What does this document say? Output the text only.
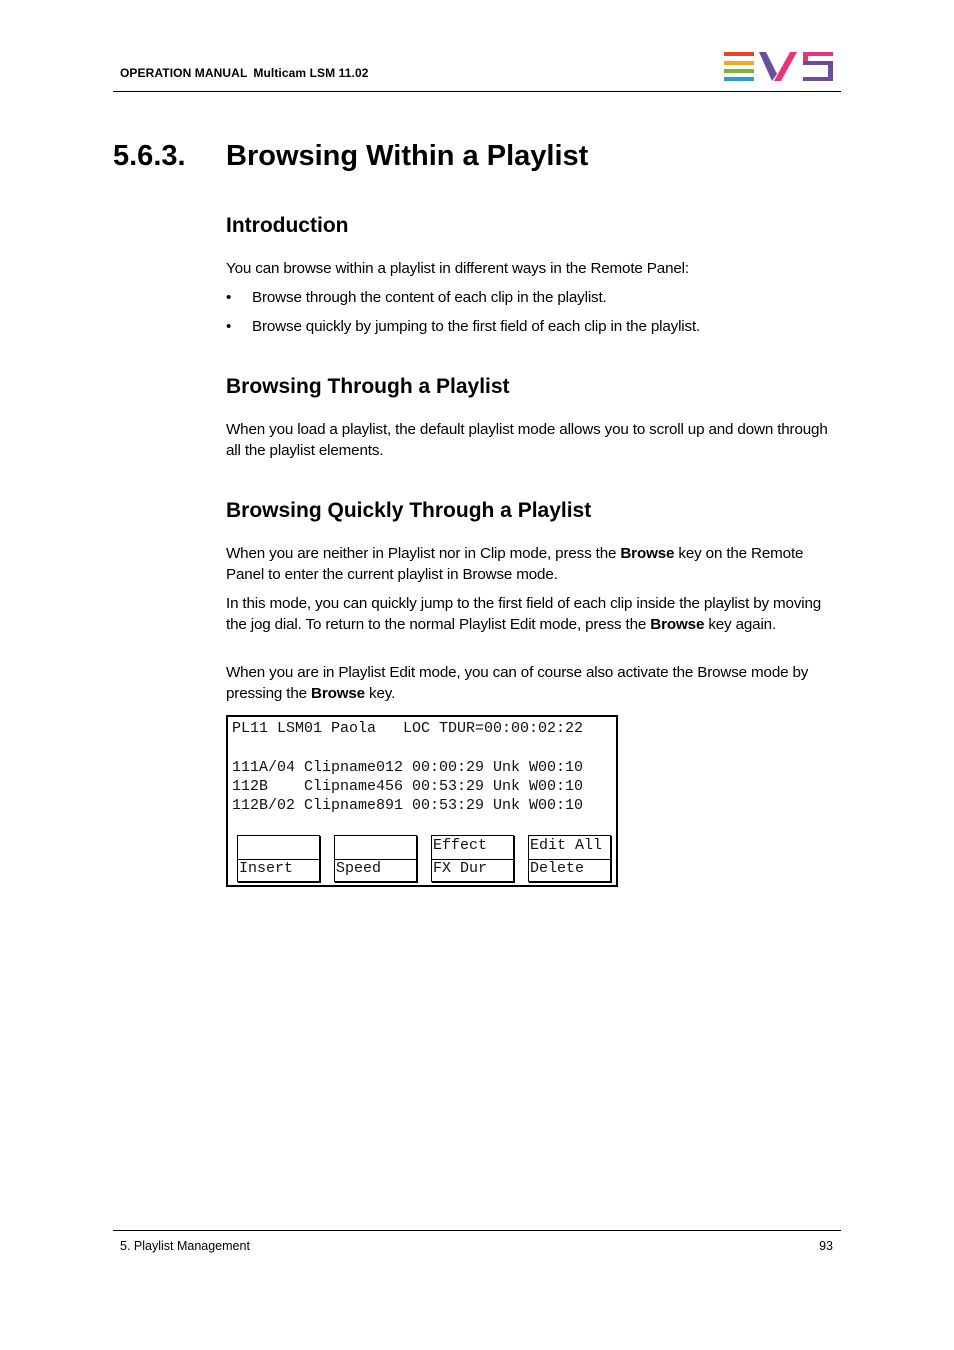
OPERATION MANUAL Multicam LSM 11.02
5.6.3. Browsing Within a Playlist
Introduction

You can browse within a playlist in different ways in the Remote Panel:

• Browse through the content of each clip in the playlist.
• Browse quickly by jumping to the first field of each clip in the playlist.
Browsing Through a Playlist

When you load a playlist, the default playlist mode allows you to scroll up and down through all the playlist elements.

Browsing Quickly Through a Playlist

When you are neither in Playlist nor in Clip mode, press the Browse key on the Remote Panel to enter the current playlist in Browse mode.

In this mode, you can quickly jump to the first field of each clip inside the playlist by moving the jog dial. To return to the normal Playlist Edit mode, press the Browse key again.

When you are in Playlist Edit mode, you can of course also activate the Browse mode by pressing the Browse key.

PL11 LSM01 Paola   LOC TDUR=00:00:02:22
111A/04 Clipname012 00:00:29 Unk W00:10
112B    Clipname456 00:53:29 Unk W00:10
112B/02 Clipname891 00:53:29 Unk W00:10
Insert	Speed
Effect
FX Dur
Edit All
Delete
5. Playlist Management	93
